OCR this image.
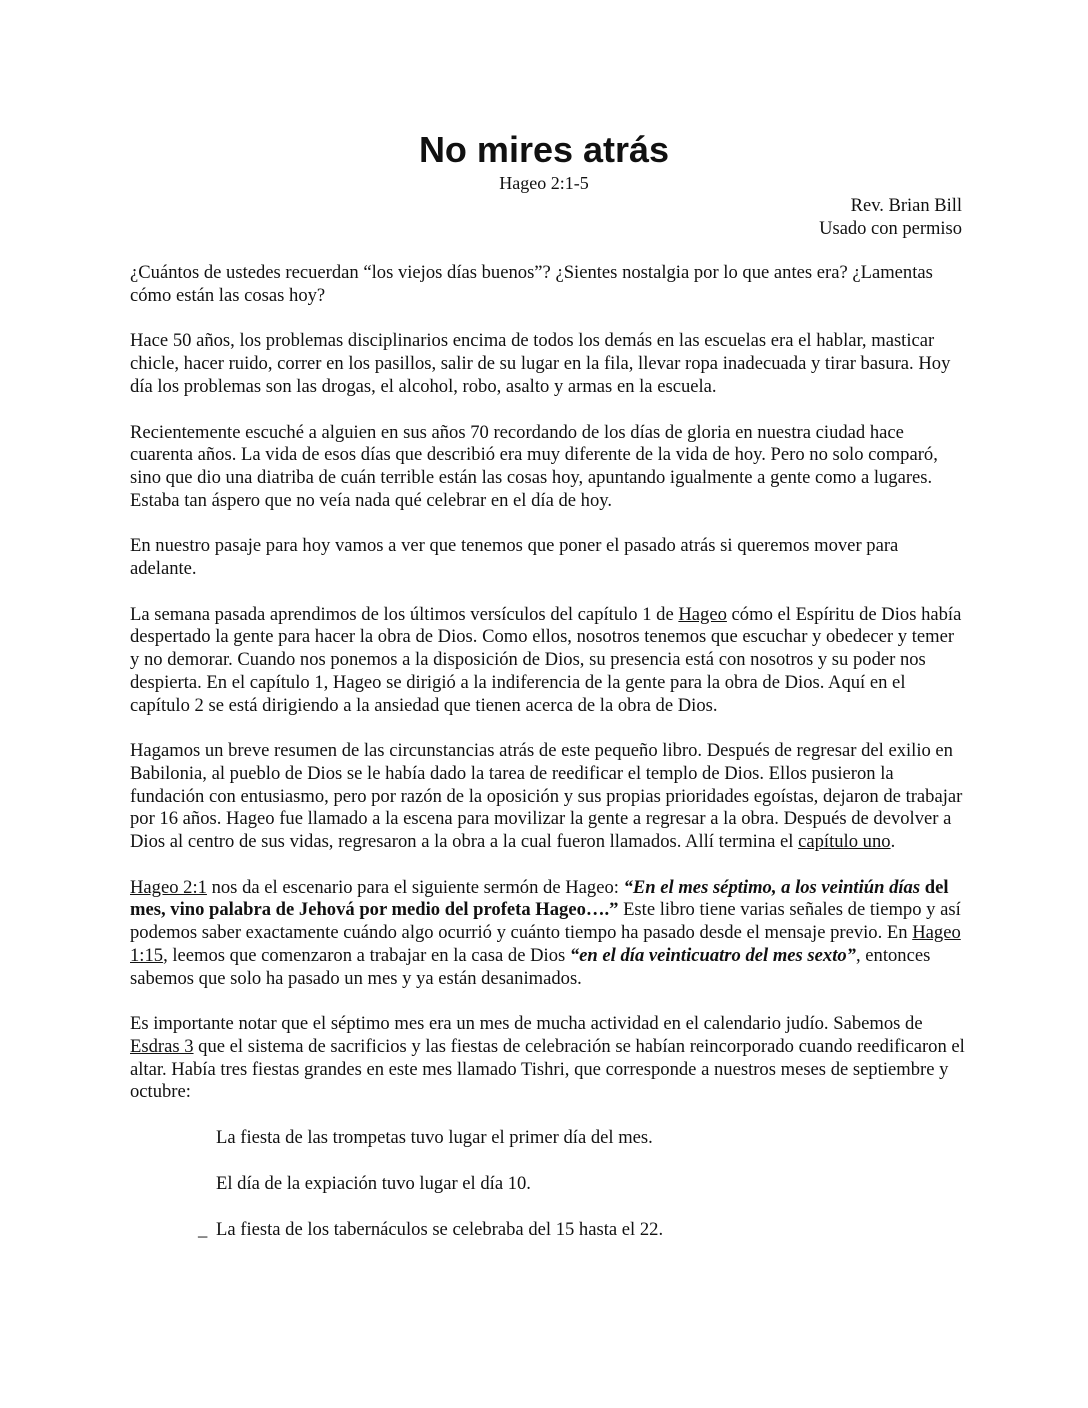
No mires atrás
Hageo 2:1-5
Rev. Brian Bill
Usado con permiso

¿Cuántos de ustedes recuerdan “los viejos días buenos”? ¿Sientes nostalgia por lo que antes era? ¿Lamentas cómo están las cosas hoy?

Hace 50 años, los problemas disciplinarios encima de todos los demás en las escuelas era el hablar, masticar chicle, hacer ruido, correr en los pasillos, salir de su lugar en la fila, llevar ropa inadecuada y tirar basura. Hoy día los problemas son las drogas, el alcohol, robo, asalto y armas en la escuela.

Recientemente escuché a alguien en sus años 70 recordando de los días de gloria en nuestra ciudad hace cuarenta años. La vida de esos días que describió era muy diferente de la vida de hoy. Pero no solo comparó, sino que dio una diatriba de cuán terrible están las cosas hoy, apuntando igualmente a gente como a lugares. Estaba tan áspero que no veía nada qué celebrar en el día de hoy.

En nuestro pasaje para hoy vamos a ver que tenemos que poner el pasado atrás si queremos mover para adelante.

La semana pasada aprendimos de los últimos versículos del capítulo 1 de Hageo cómo el Espíritu de Dios había despertado la gente para hacer la obra de Dios. Como ellos, nosotros tenemos que escuchar y obedecer y temer y no demorar. Cuando nos ponemos a la disposición de Dios, su presencia está con nosotros y su poder nos despierta. En el capítulo 1, Hageo se dirigió a la indiferencia de la gente para la obra de Dios. Aquí en el capítulo 2 se está dirigiendo a la ansiedad que tienen acerca de la obra de Dios.

Hagamos un breve resumen de las circunstancias atrás de este pequeño libro. Después de regresar del exilio en Babilonia, al pueblo de Dios se le había dado la tarea de reedificar el templo de Dios. Ellos pusieron la fundación con entusiasmo, pero por razón de la oposición y sus propias prioridades egoístas, dejaron de trabajar por 16 años. Hageo fue llamado a la escena para movilizar la gente a regresar a la obra. Después de devolver a Dios al centro de sus vidas, regresaron a la obra a la cual fueron llamados. Allí termina el capítulo uno.

Hageo 2:1 nos da el escenario para el siguiente sermón de Hageo: “En el mes séptimo, a los veintiún días del mes, vino palabra de Jehová por medio del profeta Hageo….” Este libro tiene varias señales de tiempo y así podemos saber exactamente cuándo algo ocurrió y cuánto tiempo ha pasado desde el mensaje previo. En Hageo 1:15, leemos que comenzaron a trabajar en la casa de Dios “en el día veinticuatro del mes sexto”, entonces sabemos que solo ha pasado un mes y ya están desanimados.

Es importante notar que el séptimo mes era un mes de mucha actividad en el calendario judío. Sabemos de Esdras 3 que el sistema de sacrificios y las fiestas de celebración se habían reincorporado cuando reedificaron el altar. Había tres fiestas grandes en este mes llamado Tishri, que corresponde a nuestros meses de septiembre y octubre:

La fiesta de las trompetas tuvo lugar el primer día del mes.

El día de la expiación tuvo lugar el día 10.

_ La fiesta de los tabernáculos se celebraba del 15 hasta el 22.
